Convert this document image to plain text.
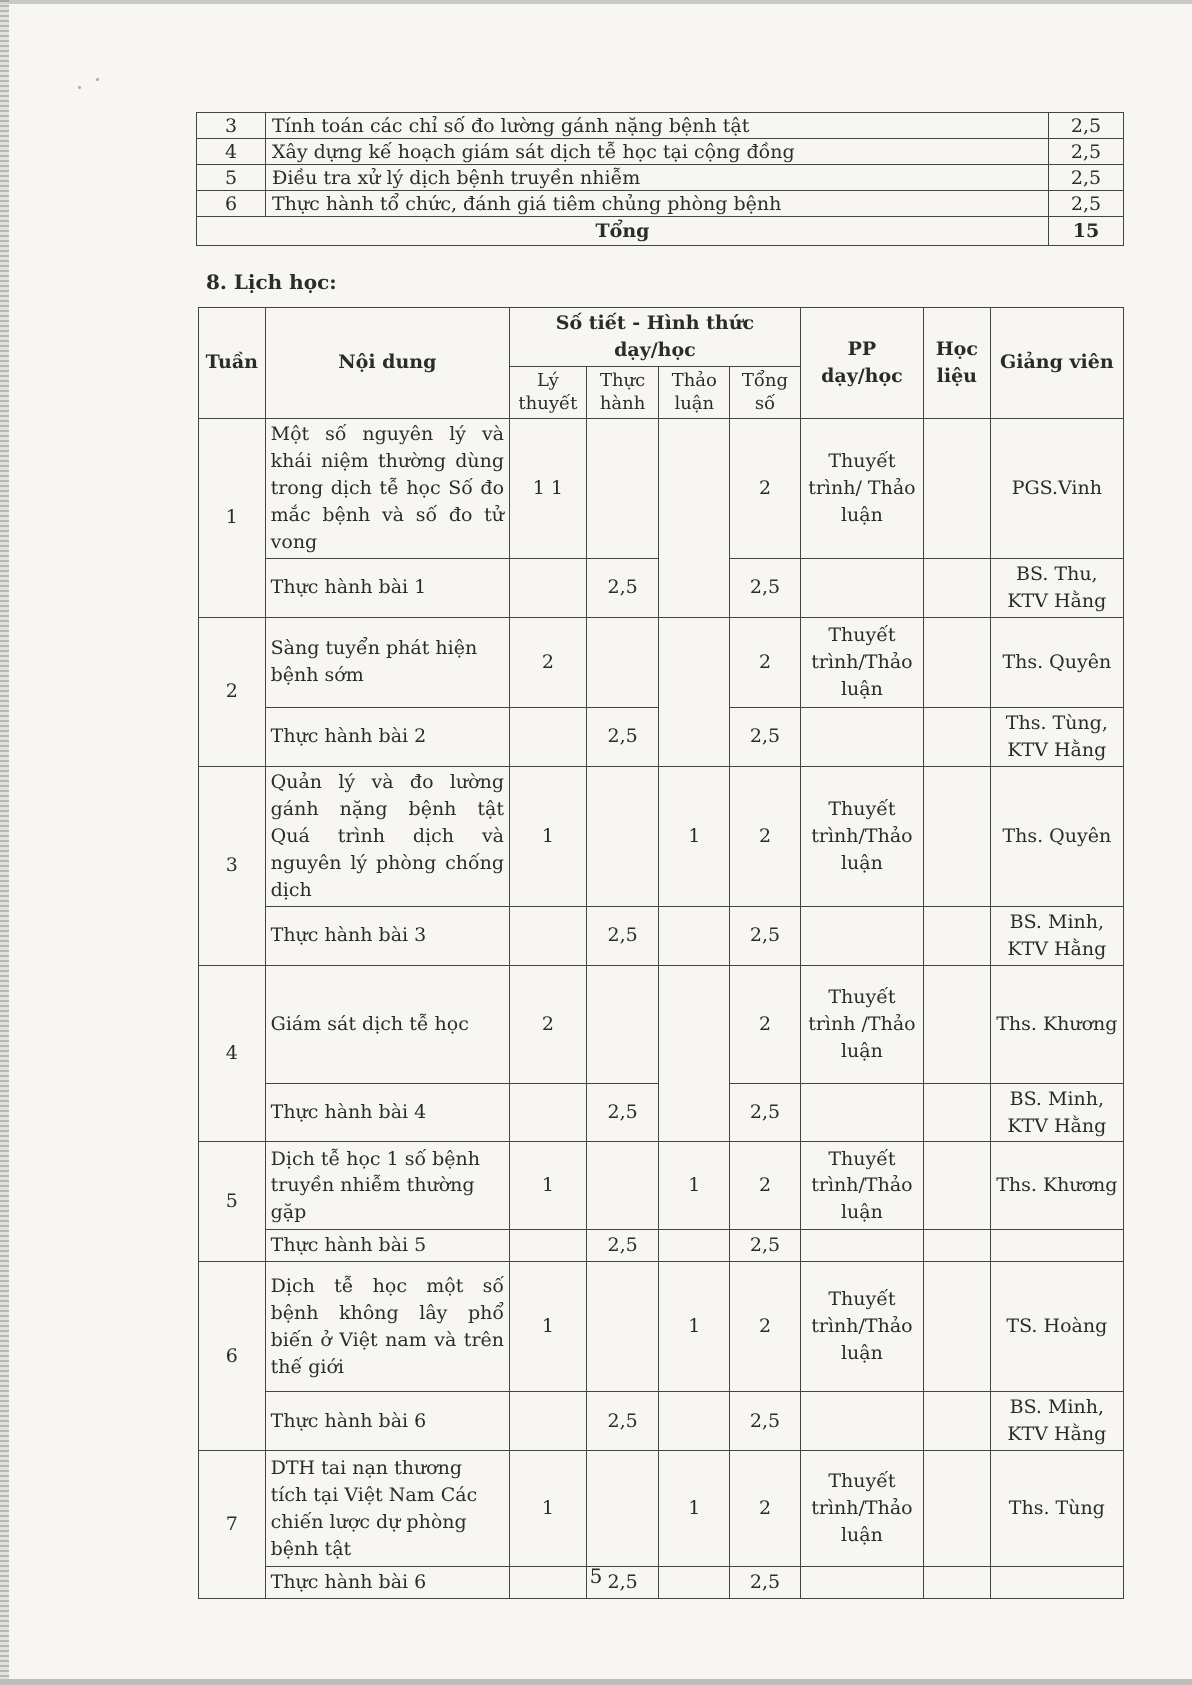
3	Tính toán các chỉ số đo lường gánh nặng bệnh tật	2,5
4	Xây dựng kế hoạch giám sát dịch tễ học tại cộng đồng	2,5
5	Điều tra xử lý dịch bệnh truyền nhiễm	2,5
6	Thực hành tổ chức, đánh giá tiêm chủng phòng bệnh	2,5
Tổng		15
8. Lịch học:
Tuần	Nội dung	Số tiết - Hình thức dạy/học				PP dạy/học	Học liệu	Giảng viên
		Lý thuyết	Thực hành	Thảo luận	Tổng số			
1	Một số nguyên lý và khái niệm thường dùng trong dịch tễ học Số đo mắc bệnh và số đo tử vong	1 1			2	Thuyết trình/ Thảo luận		PGS.Vinh
	Thực hành bài 1		2,5		2,5			BS. Thu, KTV Hằng
2	Sàng tuyển phát hiện bệnh sớm	2			2	Thuyết trình/Thảo luận		Ths. Quyên
	Thực hành bài 2		2,5		2,5			Ths. Tùng, KTV Hằng
3	Quản lý và đo lường gánh nặng bệnh tật Quá trình dịch và nguyên lý phòng chống dịch	1		1	2	Thuyết trình/Thảo luận		Ths. Quyên
	Thực hành bài 3		2,5		2,5			BS. Minh, KTV Hằng
4	Giám sát dịch tễ học	2			2	Thuyết trình /Thảo luận		Ths. Khương
	Thực hành bài 4		2,5		2,5			BS. Minh, KTV Hằng
5	Dịch tễ học 1 số bệnh truyền nhiễm thường gặp	1		1	2	Thuyết trình/Thảo luận		Ths. Khương
	Thực hành bài 5		2,5		2,5			
6	Dịch tễ học một số bệnh không lây phổ biến ở Việt nam và trên thế giới	1		1	2	Thuyết trình/Thảo luận		TS. Hoàng
	Thực hành bài 6		2,5		2,5			BS. Minh, KTV Hằng
7	DTH tai nạn thương tích tại Việt Nam Các chiến lược dự phòng bệnh tật	1		1	2	Thuyết trình/Thảo luận		Ths. Tùng
	Thực hành bài 6		2,5		2,5			
5
